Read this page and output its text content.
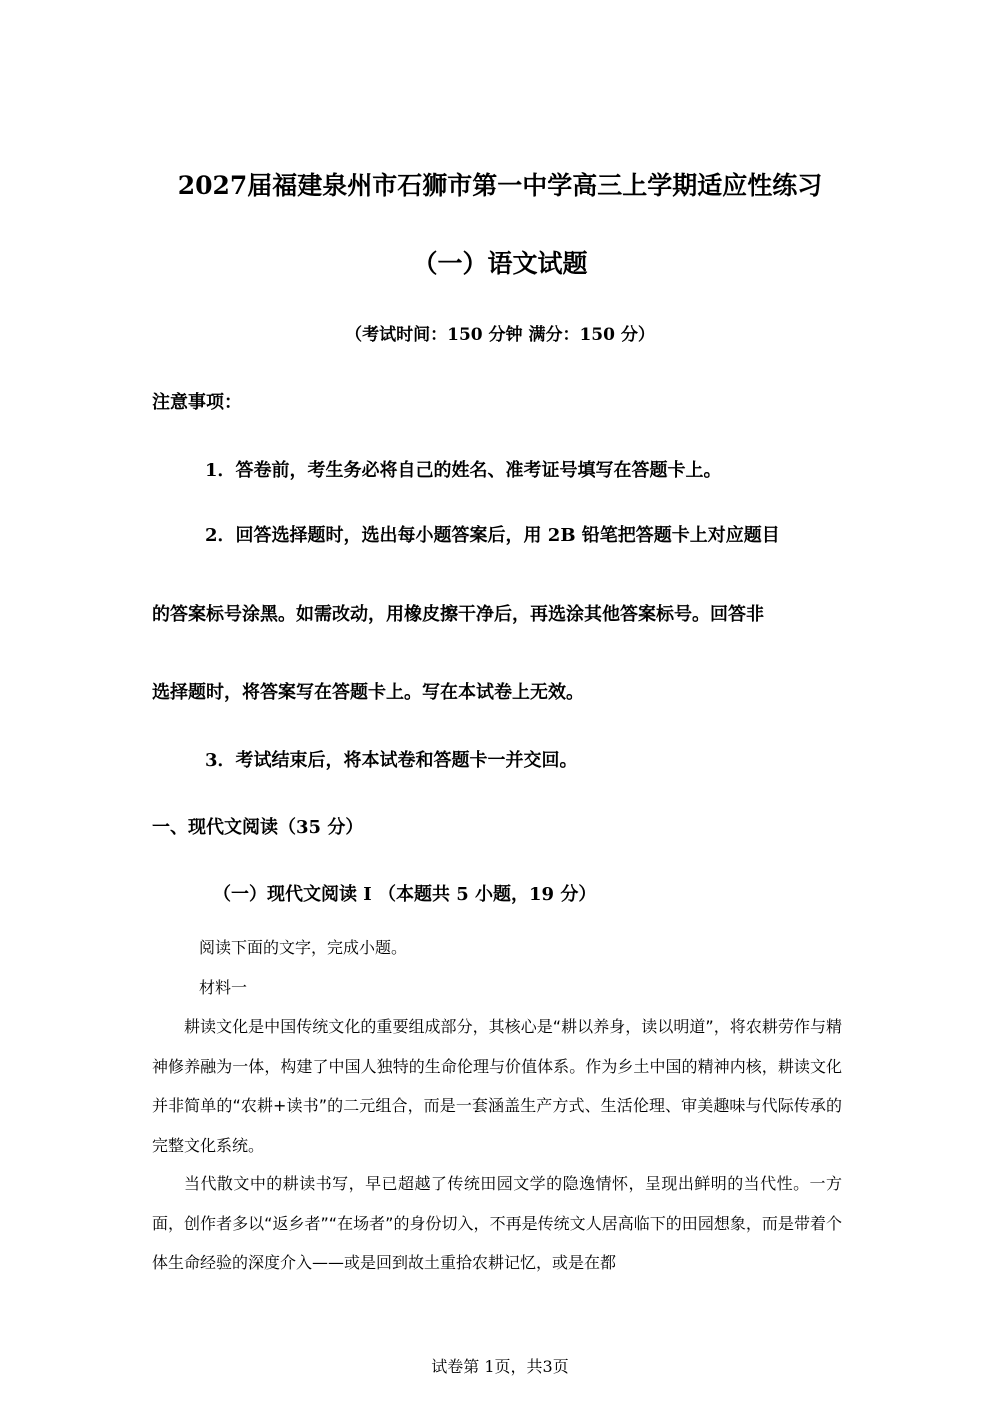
2027届福建泉州市石狮市第一中学高三上学期适应性练习
（一）语文试题

（考试时间：150 分钟 满分：150 分）

注意事项：

1．答卷前，考生务必将自己的姓名、准考证号填写在答题卡上。

2．回答选择题时，选出每小题答案后，用 2B 铅笔把答题卡上对应题目

的答案标号涂黑。如需改动，用橡皮擦干净后，再选涂其他答案标号。回答非

选择题时，将答案写在答题卡上。写在本试卷上无效。

3．考试结束后，将本试卷和答题卡一并交回。

一、现代文阅读（35 分）

（一）现代文阅读 I （本题共 5 小题，19 分）

阅读下面的文字，完成小题。

材料一

耕读文化是中国传统文化的重要组成部分，其核心是“耕以养身，读以明道”，将农耕劳作与精神修养融为一体，构建了中国人独特的生命伦理与价值体系。作为乡土中国的精神内核，耕读文化并非简单的“农耕+读书”的二元组合，而是一套涵盖生产方式、生活伦理、审美趣味与代际传承的完整文化系统。

当代散文中的耕读书写，早已超越了传统田园文学的隐逸情怀，呈现出鲜明的当代性。一方面，创作者多以“返乡者”“在场者”的身份切入，不再是传统文人居高临下的田园想象，而是带着个体生命经验的深度介入——或是回到故土重拾农耕记忆，或是在都

试卷第 1页，共3页
